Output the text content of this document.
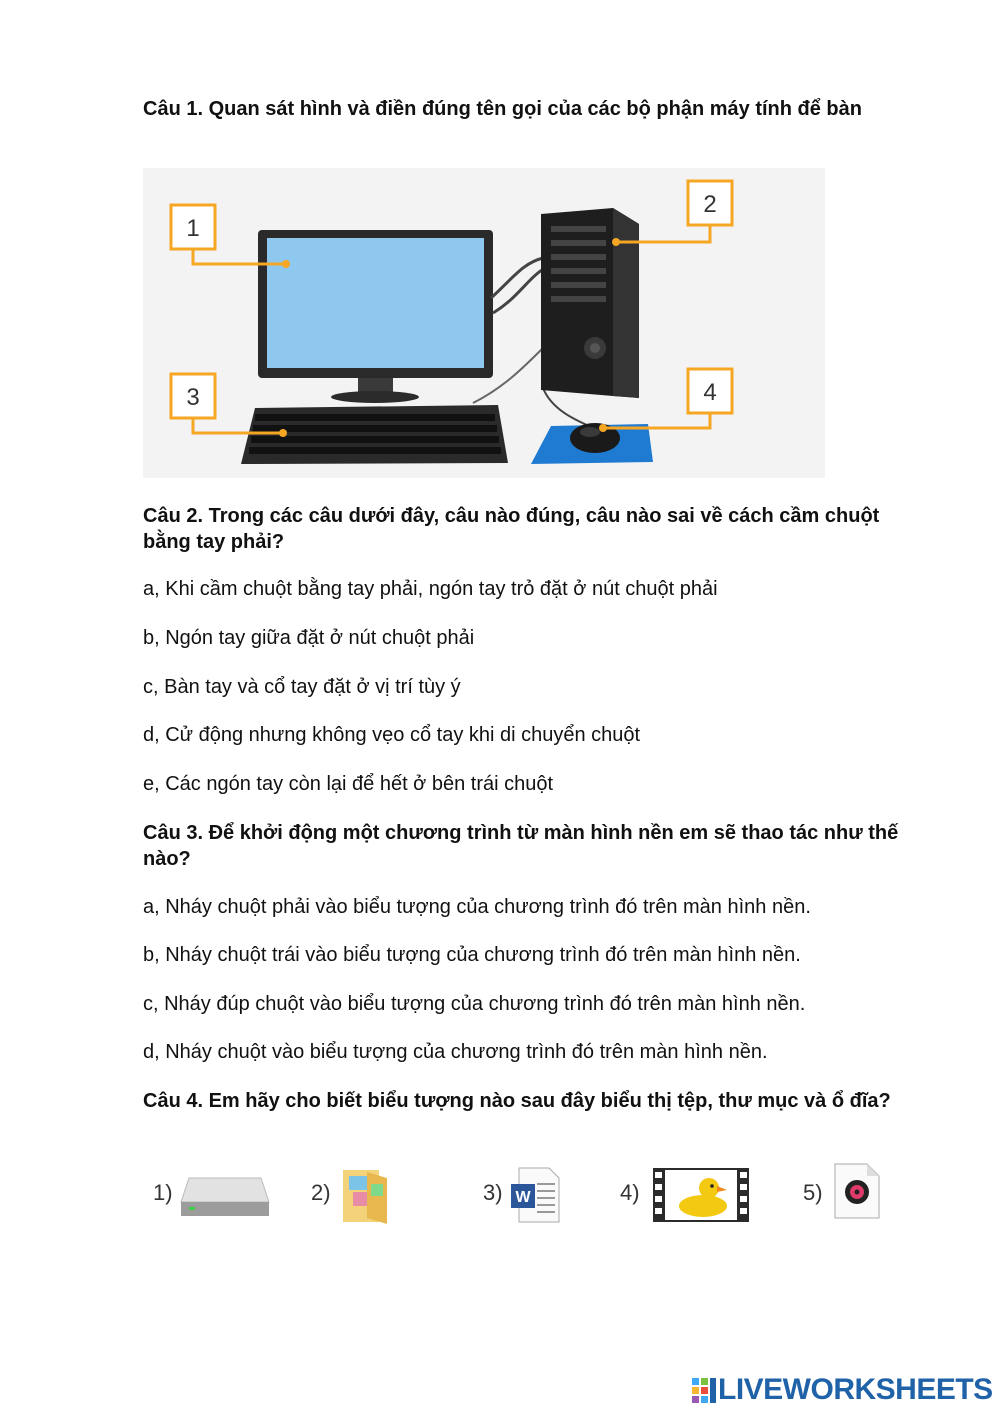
Câu 1. Quan sát hình và điền đúng tên gọi của các bộ phận máy tính để bàn
1
2
3	4
Câu 2. Trong các câu dưới đây, câu nào đúng, câu nào sai về cách cầm chuột bằng tay phải?
a, Khi cầm chuột bằng tay phải, ngón tay trỏ đặt ở nút chuột phải
b, Ngón tay giữa đặt ở nút chuột phải
c, Bàn tay và cổ tay đặt ở vị trí tùy ý
d, Cử động nhưng không vẹo cổ tay khi di chuyển chuột
e, Các ngón tay còn lại để hết ở bên trái chuột
Câu 3. Để khởi động một chương trình từ màn hình nền em sẽ thao tác như thế nào?
a, Nháy chuột phải vào biểu tượng của chương trình đó trên màn hình nền.
b, Nháy chuột trái vào biểu tượng của chương trình đó trên màn hình nền.
c, Nháy đúp chuột vào biểu tượng của chương trình đó trên màn hình nền.
d, Nháy chuột vào biểu tượng của chương trình đó trên màn hình nền.
Câu 4. Em hãy cho biết biểu tượng nào sau đây biểu thị tệp, thư mục và ổ đĩa?
1)	2)	3) W	4)	5)
LIVEWORKSHEETS
